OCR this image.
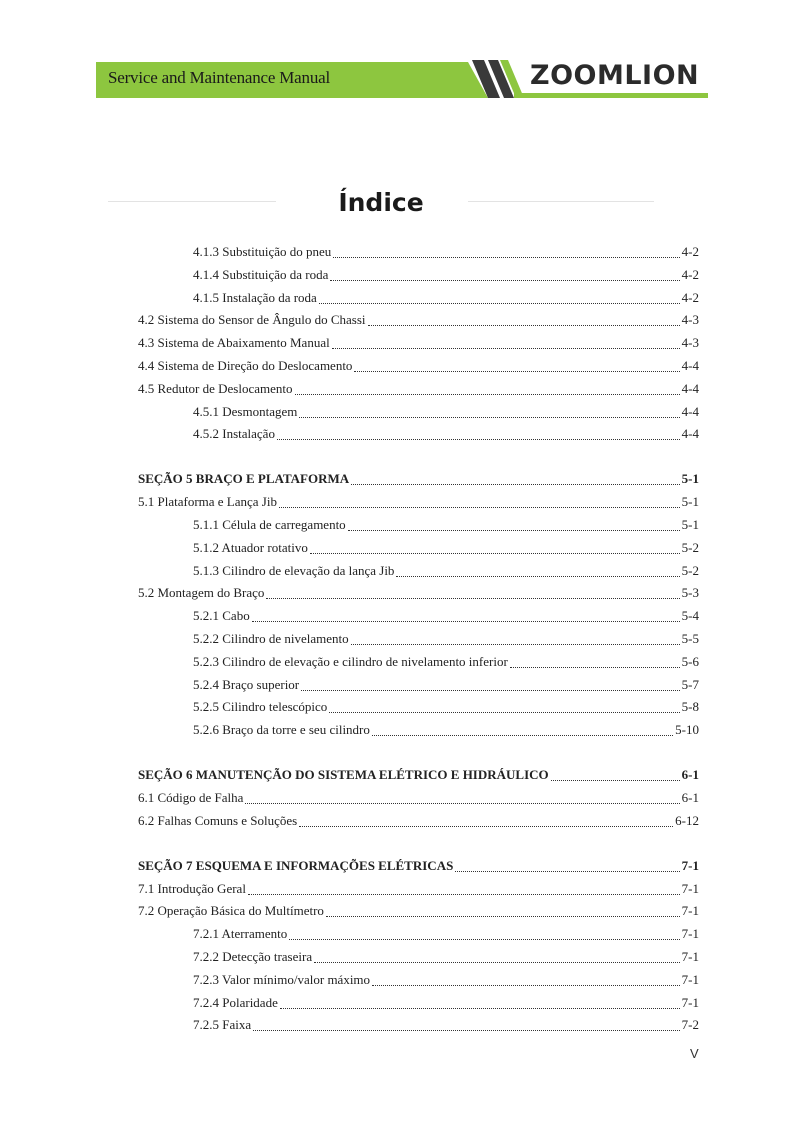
Service and Maintenance Manual	ZOOMLION
Índice
4.1.3 Substituição do pneu	4-2
4.1.4 Substituição da roda	4-2
4.1.5 Instalação da roda	4-2
4.2 Sistema do Sensor de Ângulo do Chassi	4-3
4.3 Sistema de Abaixamento Manual	4-3
4.4 Sistema de Direção do Deslocamento	4-4
4.5 Redutor de Deslocamento	4-4
4.5.1 Desmontagem	4-4
4.5.2 Instalação	4-4
SEÇÃO 5 BRAÇO E PLATAFORMA	5-1
5.1 Plataforma e Lança Jib	5-1
5.1.1 Célula de carregamento	5-1
5.1.2 Atuador rotativo	5-2
5.1.3 Cilindro de elevação da lança Jib	5-2
5.2 Montagem do Braço	5-3
5.2.1 Cabo	5-4
5.2.2 Cilindro de nivelamento	5-5
5.2.3 Cilindro de elevação e cilindro de nivelamento inferior	5-6
5.2.4 Braço superior	5-7
5.2.5 Cilindro telescópico	5-8
5.2.6 Braço da torre e seu cilindro	5-10
SEÇÃO 6 MANUTENÇÃO DO SISTEMA ELÉTRICO E HIDRÁULICO	6-1
6.1 Código de Falha	6-1
6.2 Falhas Comuns e Soluções	6-12
SEÇÃO 7 ESQUEMA E INFORMAÇÕES ELÉTRICAS	7-1
7.1 Introdução Geral	7-1
7.2 Operação Básica do Multímetro	7-1
7.2.1 Aterramento	7-1
7.2.2 Detecção traseira	7-1
7.2.3 Valor mínimo/valor máximo	7-1
7.2.4 Polaridade	7-1
7.2.5 Faixa	7-2
V
